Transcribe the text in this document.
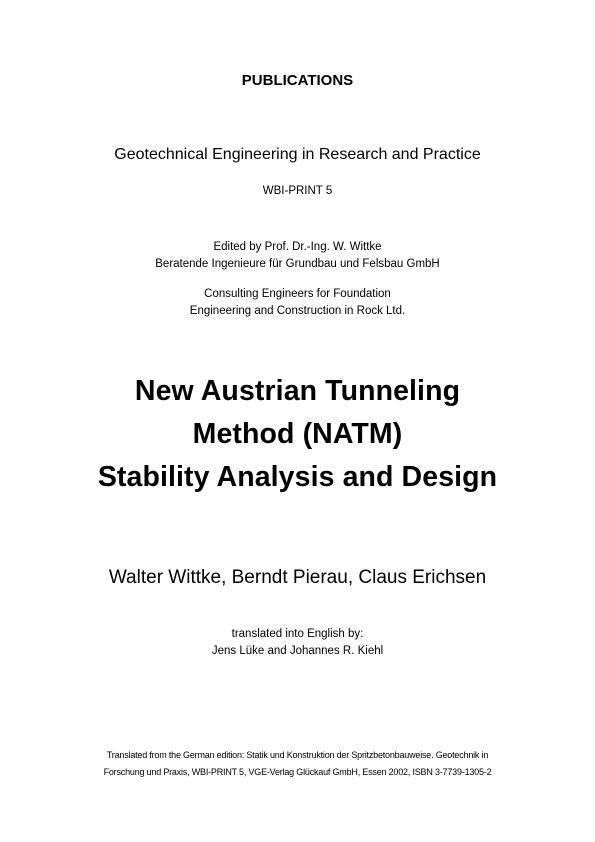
PUBLICATIONS
Geotechnical Engineering in Research and Practice
WBI-PRINT 5
Edited by Prof. Dr.-Ing. W. Wittke
Beratende Ingenieure für Grundbau und Felsbau GmbH
Consulting Engineers for Foundation
Engineering and Construction in Rock Ltd.
New Austrian Tunneling
Method (NATM)
Stability Analysis and Design
Walter Wittke, Berndt Pierau, Claus Erichsen
translated into English by:
Jens Lüke and Johannes R. Kiehl
Translated from the German edition: Statik und Konstruktion der Spritzbetonbauweise. Geotechnik in
Forschung und Praxis, WBI-PRINT 5, VGE-Verlag Glückauf GmbH, Essen 2002, ISBN 3-7739-1305-2
